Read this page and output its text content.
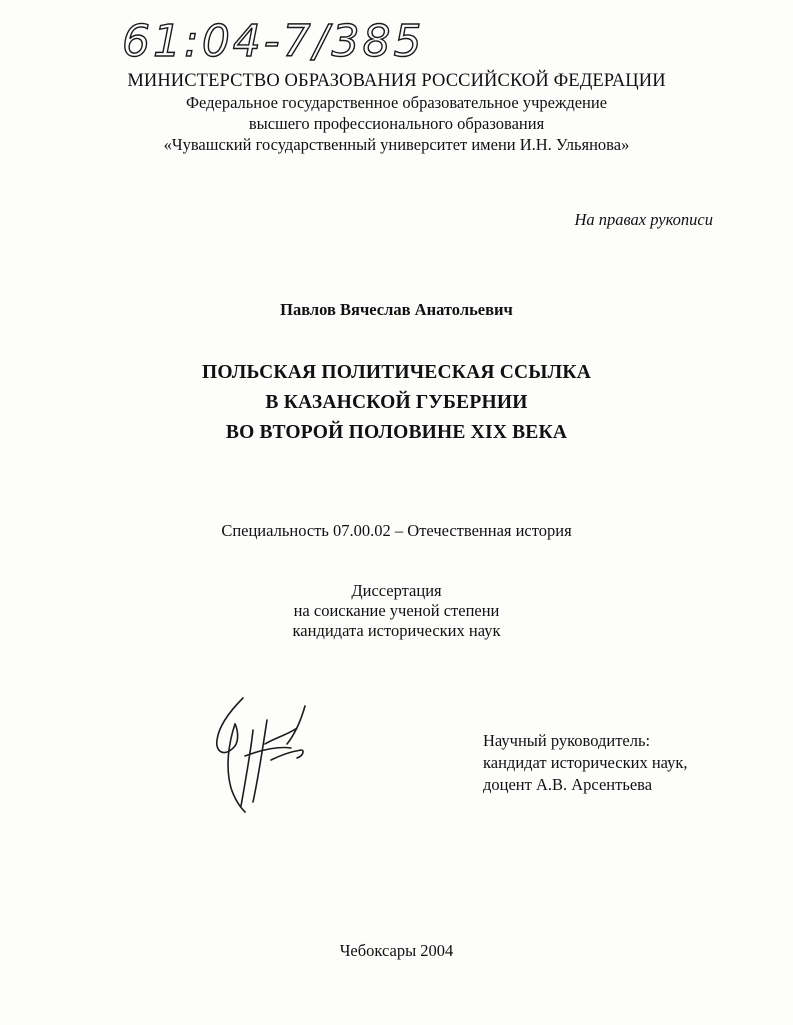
61:04-7/385
МИНИСТЕРСТВО ОБРАЗОВАНИЯ РОССИЙСКОЙ ФЕДЕРАЦИИ
Федеральное государственное образовательное учреждение
высшего профессионального образования
«Чувашский государственный университет имени И.Н. Ульянова»
На правах рукописи
Павлов Вячеслав Анатольевич
ПОЛЬСКАЯ ПОЛИТИЧЕСКАЯ ССЫЛКА
В КАЗАНСКОЙ ГУБЕРНИИ
ВО ВТОРОЙ ПОЛОВИНЕ XIX ВЕКА
Специальность 07.00.02 – Отечественная история
Диссертация
на соискание ученой степени
кандидата исторических наук
Научный руководитель:
кандидат исторических наук,
доцент А.В. Арсентьева
Чебоксары 2004
